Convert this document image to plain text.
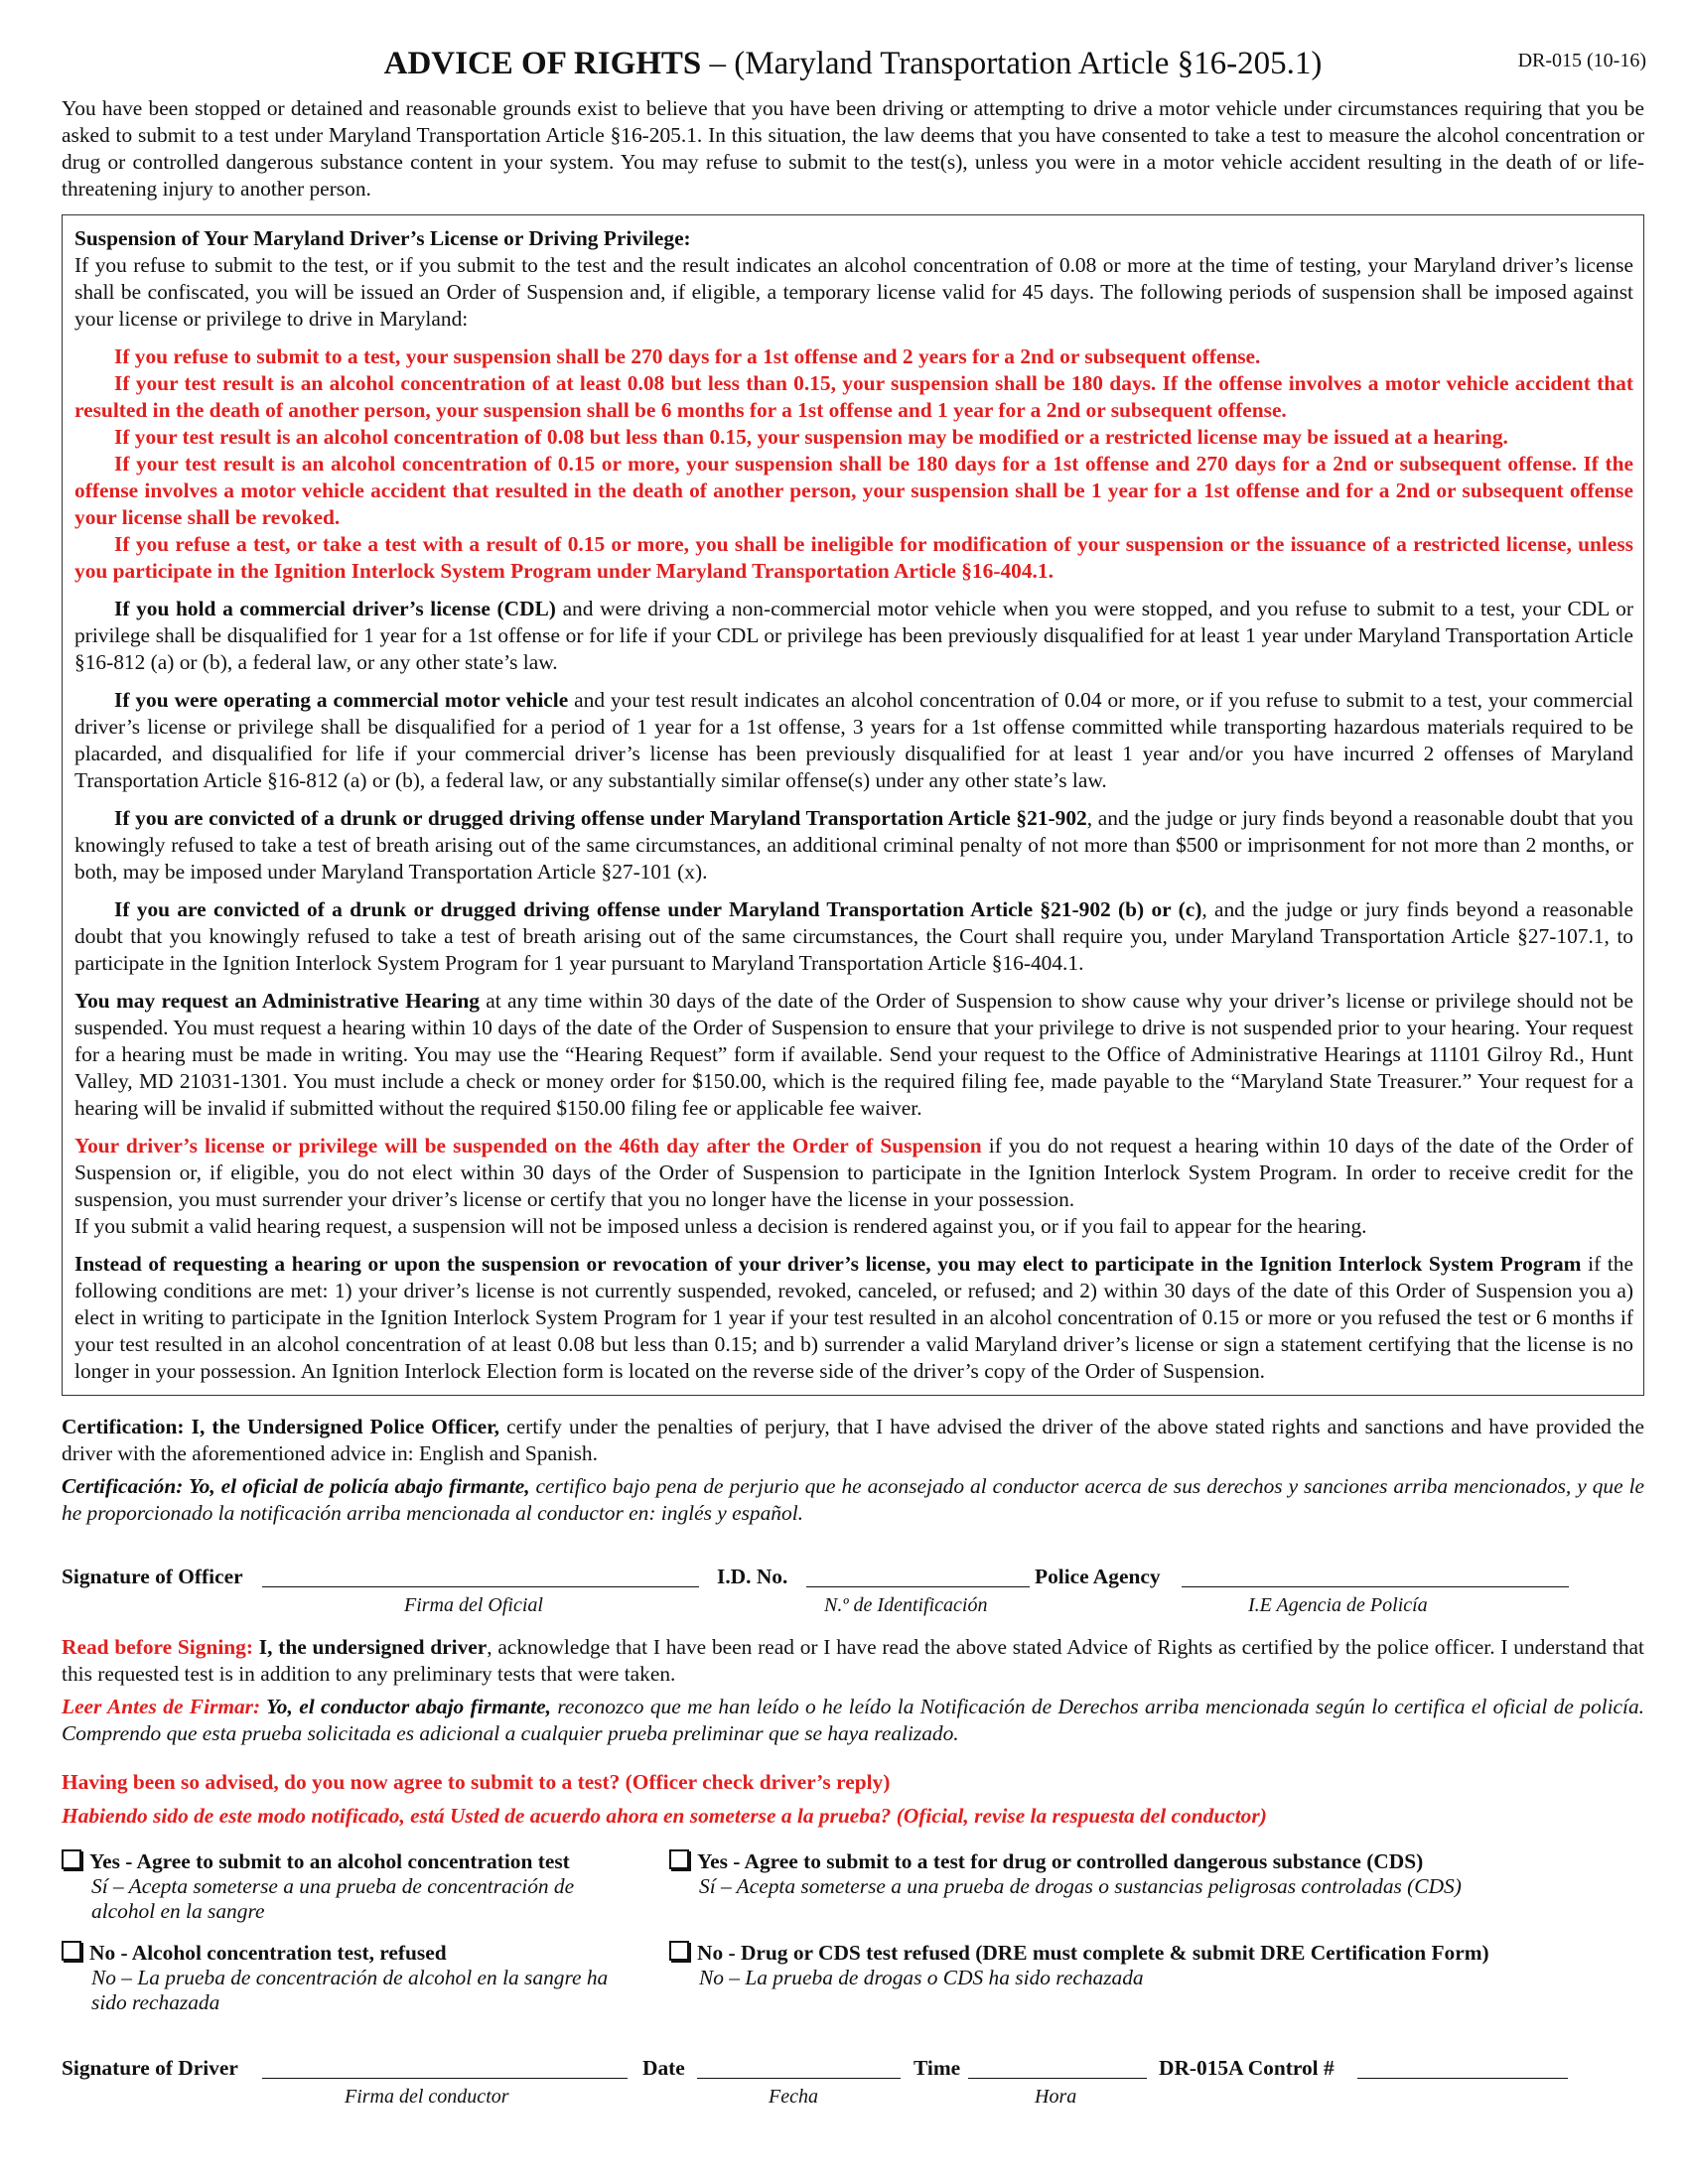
DR-015 (10-16)
ADVICE OF RIGHTS – (Maryland Transportation Article §16-205.1)

You have been stopped or detained and reasonable grounds exist to believe that you have been driving or attempting to drive a motor vehicle under circumstances requiring that you be asked to submit to a test under Maryland Transportation Article §16-205.1. In this situation, the law deems that you have consented to take a test to measure the alcohol concentration or drug or controlled dangerous substance content in your system. You may refuse to submit to the test(s), unless you were in a motor vehicle accident resulting in the death of or life-threatening injury to another person.

Suspension of Your Maryland Driver’s License or Driving Privilege:
If you refuse to submit to the test, or if you submit to the test and the result indicates an alcohol concentration of 0.08 or more at the time of testing, your Maryland driver’s license shall be confiscated, you will be issued an Order of Suspension and, if eligible, a temporary license valid for 45 days. The following periods of suspension shall be imposed against your license or privilege to drive in Maryland:

If you refuse to submit to a test, your suspension shall be 270 days for a 1st offense and 2 years for a 2nd or subsequent offense.

If your test result is an alcohol concentration of at least 0.08 but less than 0.15, your suspension shall be 180 days. If the offense involves a motor vehicle accident that resulted in the death of another person, your suspension shall be 6 months for a 1st offense and 1 year for a 2nd or subsequent offense.

If your test result is an alcohol concentration of 0.08 but less than 0.15, your suspension may be modified or a restricted license may be issued at a hearing.

If your test result is an alcohol concentration of 0.15 or more, your suspension shall be 180 days for a 1st offense and 270 days for a 2nd or subsequent offense. If the offense involves a motor vehicle accident that resulted in the death of another person, your suspension shall be 1 year for a 1st offense and for a 2nd or subsequent offense your license shall be revoked.

If you refuse a test, or take a test with a result of 0.15 or more, you shall be ineligible for modification of your suspension or the issuance of a restricted license, unless you participate in the Ignition Interlock System Program under Maryland Transportation Article §16-404.1.

If you hold a commercial driver’s license (CDL) and were driving a non-commercial motor vehicle when you were stopped, and you refuse to submit to a test, your CDL or privilege shall be disqualified for 1 year for a 1st offense or for life if your CDL or privilege has been previously disqualified for at least 1 year under Maryland Transportation Article §16-812 (a) or (b), a federal law, or any other state’s law.

If you were operating a commercial motor vehicle and your test result indicates an alcohol concentration of 0.04 or more, or if you refuse to submit to a test, your commercial driver’s license or privilege shall be disqualified for a period of 1 year for a 1st offense, 3 years for a 1st offense committed while transporting hazardous materials required to be placarded, and disqualified for life if your commercial driver’s license has been previously disqualified for at least 1 year and/or you have incurred 2 offenses of Maryland Transportation Article §16-812 (a) or (b), a federal law, or any substantially similar offense(s) under any other state’s law.

If you are convicted of a drunk or drugged driving offense under Maryland Transportation Article §21-902, and the judge or jury finds beyond a reasonable doubt that you knowingly refused to take a test of breath arising out of the same circumstances, an additional criminal penalty of not more than $500 or imprisonment for not more than 2 months, or both, may be imposed under Maryland Transportation Article §27-101 (x).

If you are convicted of a drunk or drugged driving offense under Maryland Transportation Article §21-902 (b) or (c), and the judge or jury finds beyond a reasonable doubt that you knowingly refused to take a test of breath arising out of the same circumstances, the Court shall require you, under Maryland Transportation Article §27-107.1, to participate in the Ignition Interlock System Program for 1 year pursuant to Maryland Transportation Article §16-404.1.

You may request an Administrative Hearing at any time within 30 days of the date of the Order of Suspension to show cause why your driver’s license or privilege should not be suspended. You must request a hearing within 10 days of the date of the Order of Suspension to ensure that your privilege to drive is not suspended prior to your hearing. Your request for a hearing must be made in writing. You may use the “Hearing Request” form if available. Send your request to the Office of Administrative Hearings at 11101 Gilroy Rd., Hunt Valley, MD 21031-1301. You must include a check or money order for $150.00, which is the required filing fee, made payable to the “Maryland State Treasurer.” Your request for a hearing will be invalid if submitted without the required $150.00 filing fee or applicable fee waiver.

Your driver’s license or privilege will be suspended on the 46th day after the Order of Suspension if you do not request a hearing within 10 days of the date of the Order of Suspension or, if eligible, you do not elect within 30 days of the Order of Suspension to participate in the Ignition Interlock System Program. In order to receive credit for the suspension, you must surrender your driver’s license or certify that you no longer have the license in your possession.
If you submit a valid hearing request, a suspension will not be imposed unless a decision is rendered against you, or if you fail to appear for the hearing.

Instead of requesting a hearing or upon the suspension or revocation of your driver’s license, you may elect to participate in the Ignition Interlock System Program if the following conditions are met: 1) your driver’s license is not currently suspended, revoked, canceled, or refused; and 2) within 30 days of the date of this Order of Suspension you a) elect in writing to participate in the Ignition Interlock System Program for 1 year if your test resulted in an alcohol concentration of 0.15 or more or you refused the test or 6 months if your test resulted in an alcohol concentration of at least 0.08 but less than 0.15; and b) surrender a valid Maryland driver’s license or sign a statement certifying that the license is no longer in your possession. An Ignition Interlock Election form is located on the reverse side of the driver’s copy of the Order of Suspension.

Certification: I, the Undersigned Police Officer, certify under the penalties of perjury, that I have advised the driver of the above stated rights and sanctions and have provided the driver with the aforementioned advice in: English and Spanish.

Certificación: Yo, el oficial de policía abajo firmante, certifico bajo pena de perjurio que he aconsejado al conductor acerca de sus derechos y sanciones arriba mencionados, y que le he proporcionado la notificación arriba mencionada al conductor en: inglés y español.

Signature of Officer
Firma del Oficial
I.D. No.
N.º de Identificación
Police Agency
I.E Agencia de Policía

Read before Signing: I, the undersigned driver, acknowledge that I have been read or I have read the above stated Advice of Rights as certified by the police officer. I understand that this requested test is in addition to any preliminary tests that were taken.

Leer Antes de Firmar: Yo, el conductor abajo firmante, reconozco que me han leído o he leído la Notificación de Derechos arriba mencionada según lo certifica el oficial de policía. Comprendo que esta prueba solicitada es adicional a cualquier prueba preliminar que se haya realizado.

Having been so advised, do you now agree to submit to a test? (Officer check driver’s reply)

Habiendo sido de este modo notificado, está Usted de acuerdo ahora en someterse a la prueba? (Oficial, revise la respuesta del conductor)

Yes - Agree to submit to an alcohol concentration test
Sí – Acepta someterse a una prueba de concentración de alcohol en la sangre
Yes - Agree to submit to a test for drug or controlled dangerous substance (CDS)
Sí – Acepta someterse a una prueba de drogas o sustancias peligrosas controladas (CDS)
No - Alcohol concentration test, refused
No – La prueba de concentración de alcohol en la sangre ha sido rechazada
No - Drug or CDS test refused (DRE must complete & submit DRE Certification Form)
No – La prueba de drogas o CDS ha sido rechazada
Signature of Driver
Firma del conductor
Date
Fecha
Time
Hora
DR-015A Control #
